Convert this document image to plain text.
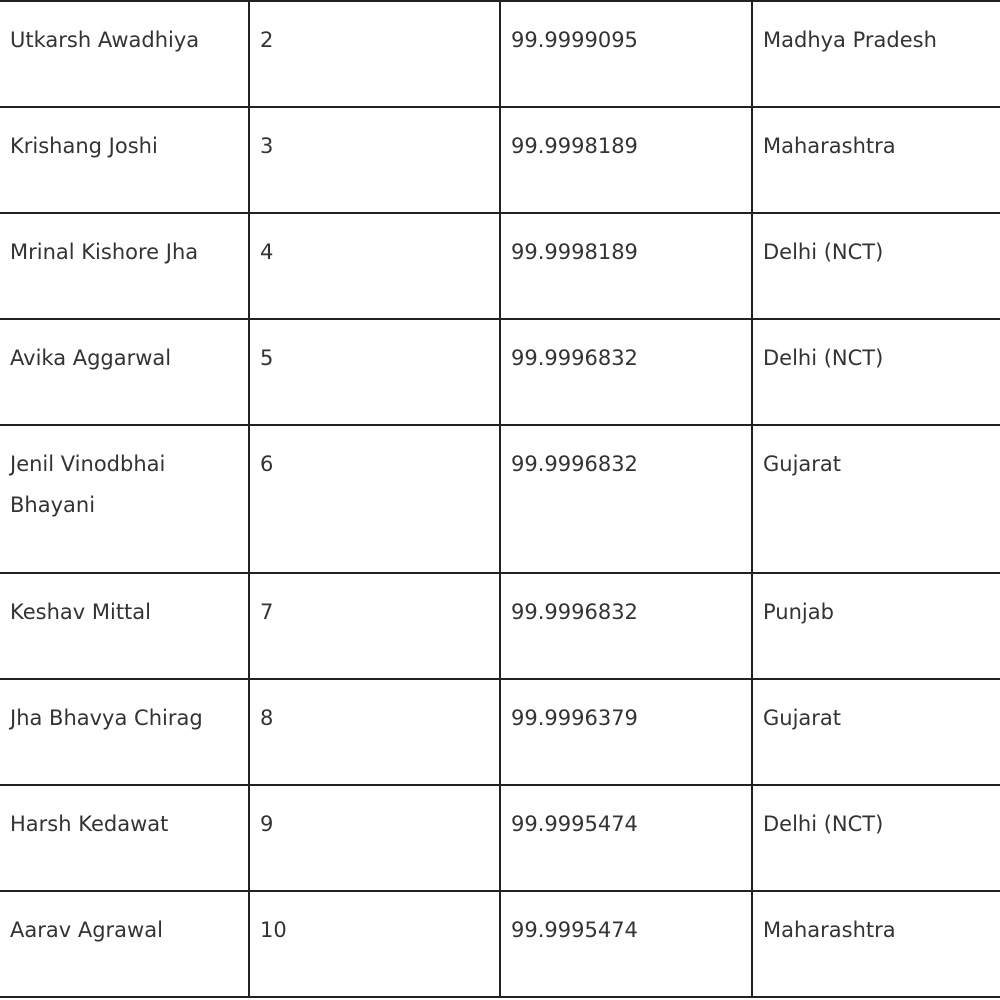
Utkarsh Awadhiya	2	99.9999095	Madhya Pradesh
Krishang Joshi	3	99.9998189	Maharashtra
Mrinal Kishore Jha	4	99.9998189	Delhi (NCT)
Avika Aggarwal	5	99.9996832	Delhi (NCT)
Jenil Vinodbhai Bhayani	6	99.9996832	Gujarat
Keshav Mittal	7	99.9996832	Punjab
Jha Bhavya Chirag	8	99.9996379	Gujarat
Harsh Kedawat	9	99.9995474	Delhi (NCT)
Aarav Agrawal	10	99.9995474	Maharashtra
